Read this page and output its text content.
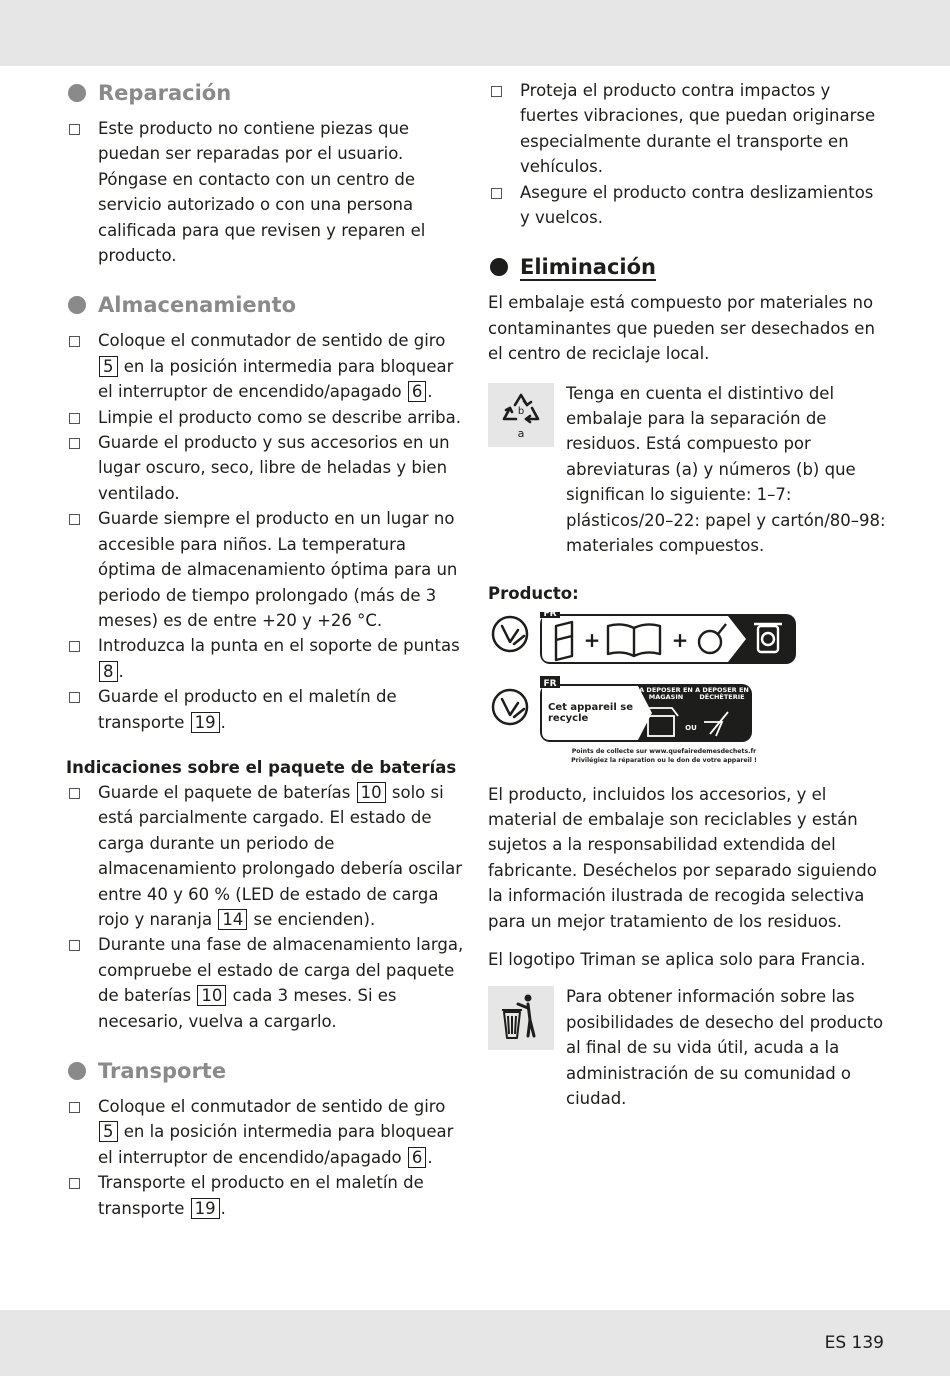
Reparación
Este producto no contiene piezas que puedan ser reparadas por el usuario. Póngase en contacto con un centro de servicio autorizado o con una persona calificada para que revisen y reparen el producto.
Almacenamiento
Coloque el conmutador de sentido de giro 5 en la posición intermedia para bloquear el interruptor de encendido/apagado 6 .
Limpie el producto como se describe arriba.
Guarde el producto y sus accesorios en un lugar oscuro, seco, libre de heladas y bien ventilado.
Guarde siempre el producto en un lugar no accesible para niños. La temperatura óptima de almacenamiento óptima para un periodo de tiempo prolongado (más de 3 meses) es de entre +20 y +26 °C.
Introduzca la punta en el soporte de puntas 8 .
Guarde el producto en el maletín de transporte 19 .
Indicaciones sobre el paquete de baterías
Guarde el paquete de baterías 10 solo si está parcialmente cargado. El estado de carga durante un periodo de almacenamiento prolongado debería oscilar entre 40 y 60 % (LED de estado de carga rojo y naranja 14 se encienden).
Durante una fase de almacenamiento larga, compruebe el estado de carga del paquete de baterías 10 cada 3 meses. Si es necesario, vuelva a cargarlo.
Transporte
Coloque el conmutador de sentido de giro 5 en la posición intermedia para bloquear el interruptor de encendido/apagado 6 .
Transporte el producto en el maletín de transporte 19 .
Proteja el producto contra impactos y fuertes vibraciones, que puedan originarse especialmente durante el transporte en vehículos.
Asegure el producto contra deslizamientos y vuelcos.
Eliminación

El embalaje está compuesto por materiales no contaminantes que pueden ser desechados en el centro de reciclaje local.

b
a

Tenga en cuenta el distintivo del embalaje para la separación de residuos. Está compuesto por abreviaturas (a) y números (b) que significan lo siguiente: 1–7: plásticos/20–22: papel y cartón/80–98: materiales compuestos.

Producto:
FR
+	+
FR
Cet appareil se recycle
À DÉPOSER EN MAGASIN
À DÉPOSER EN DÉCHÈTERIE
OU
Points de collecte sur www.quefairedemesdechets.fr
Privilégiez la réparation ou le don de votre appareil !

El producto, incluidos los accesorios, y el material de embalaje son reciclables y están sujetos a la responsabilidad extendida del fabricante. Deséchelos por separado siguiendo la información ilustrada de recogida selectiva para un mejor tratamiento de los residuos.

El logotipo Triman se aplica solo para Francia.

Para obtener información sobre las posibilidades de desecho del producto al final de su vida útil, acuda a la administración de su comunidad o ciudad.

ES 139
